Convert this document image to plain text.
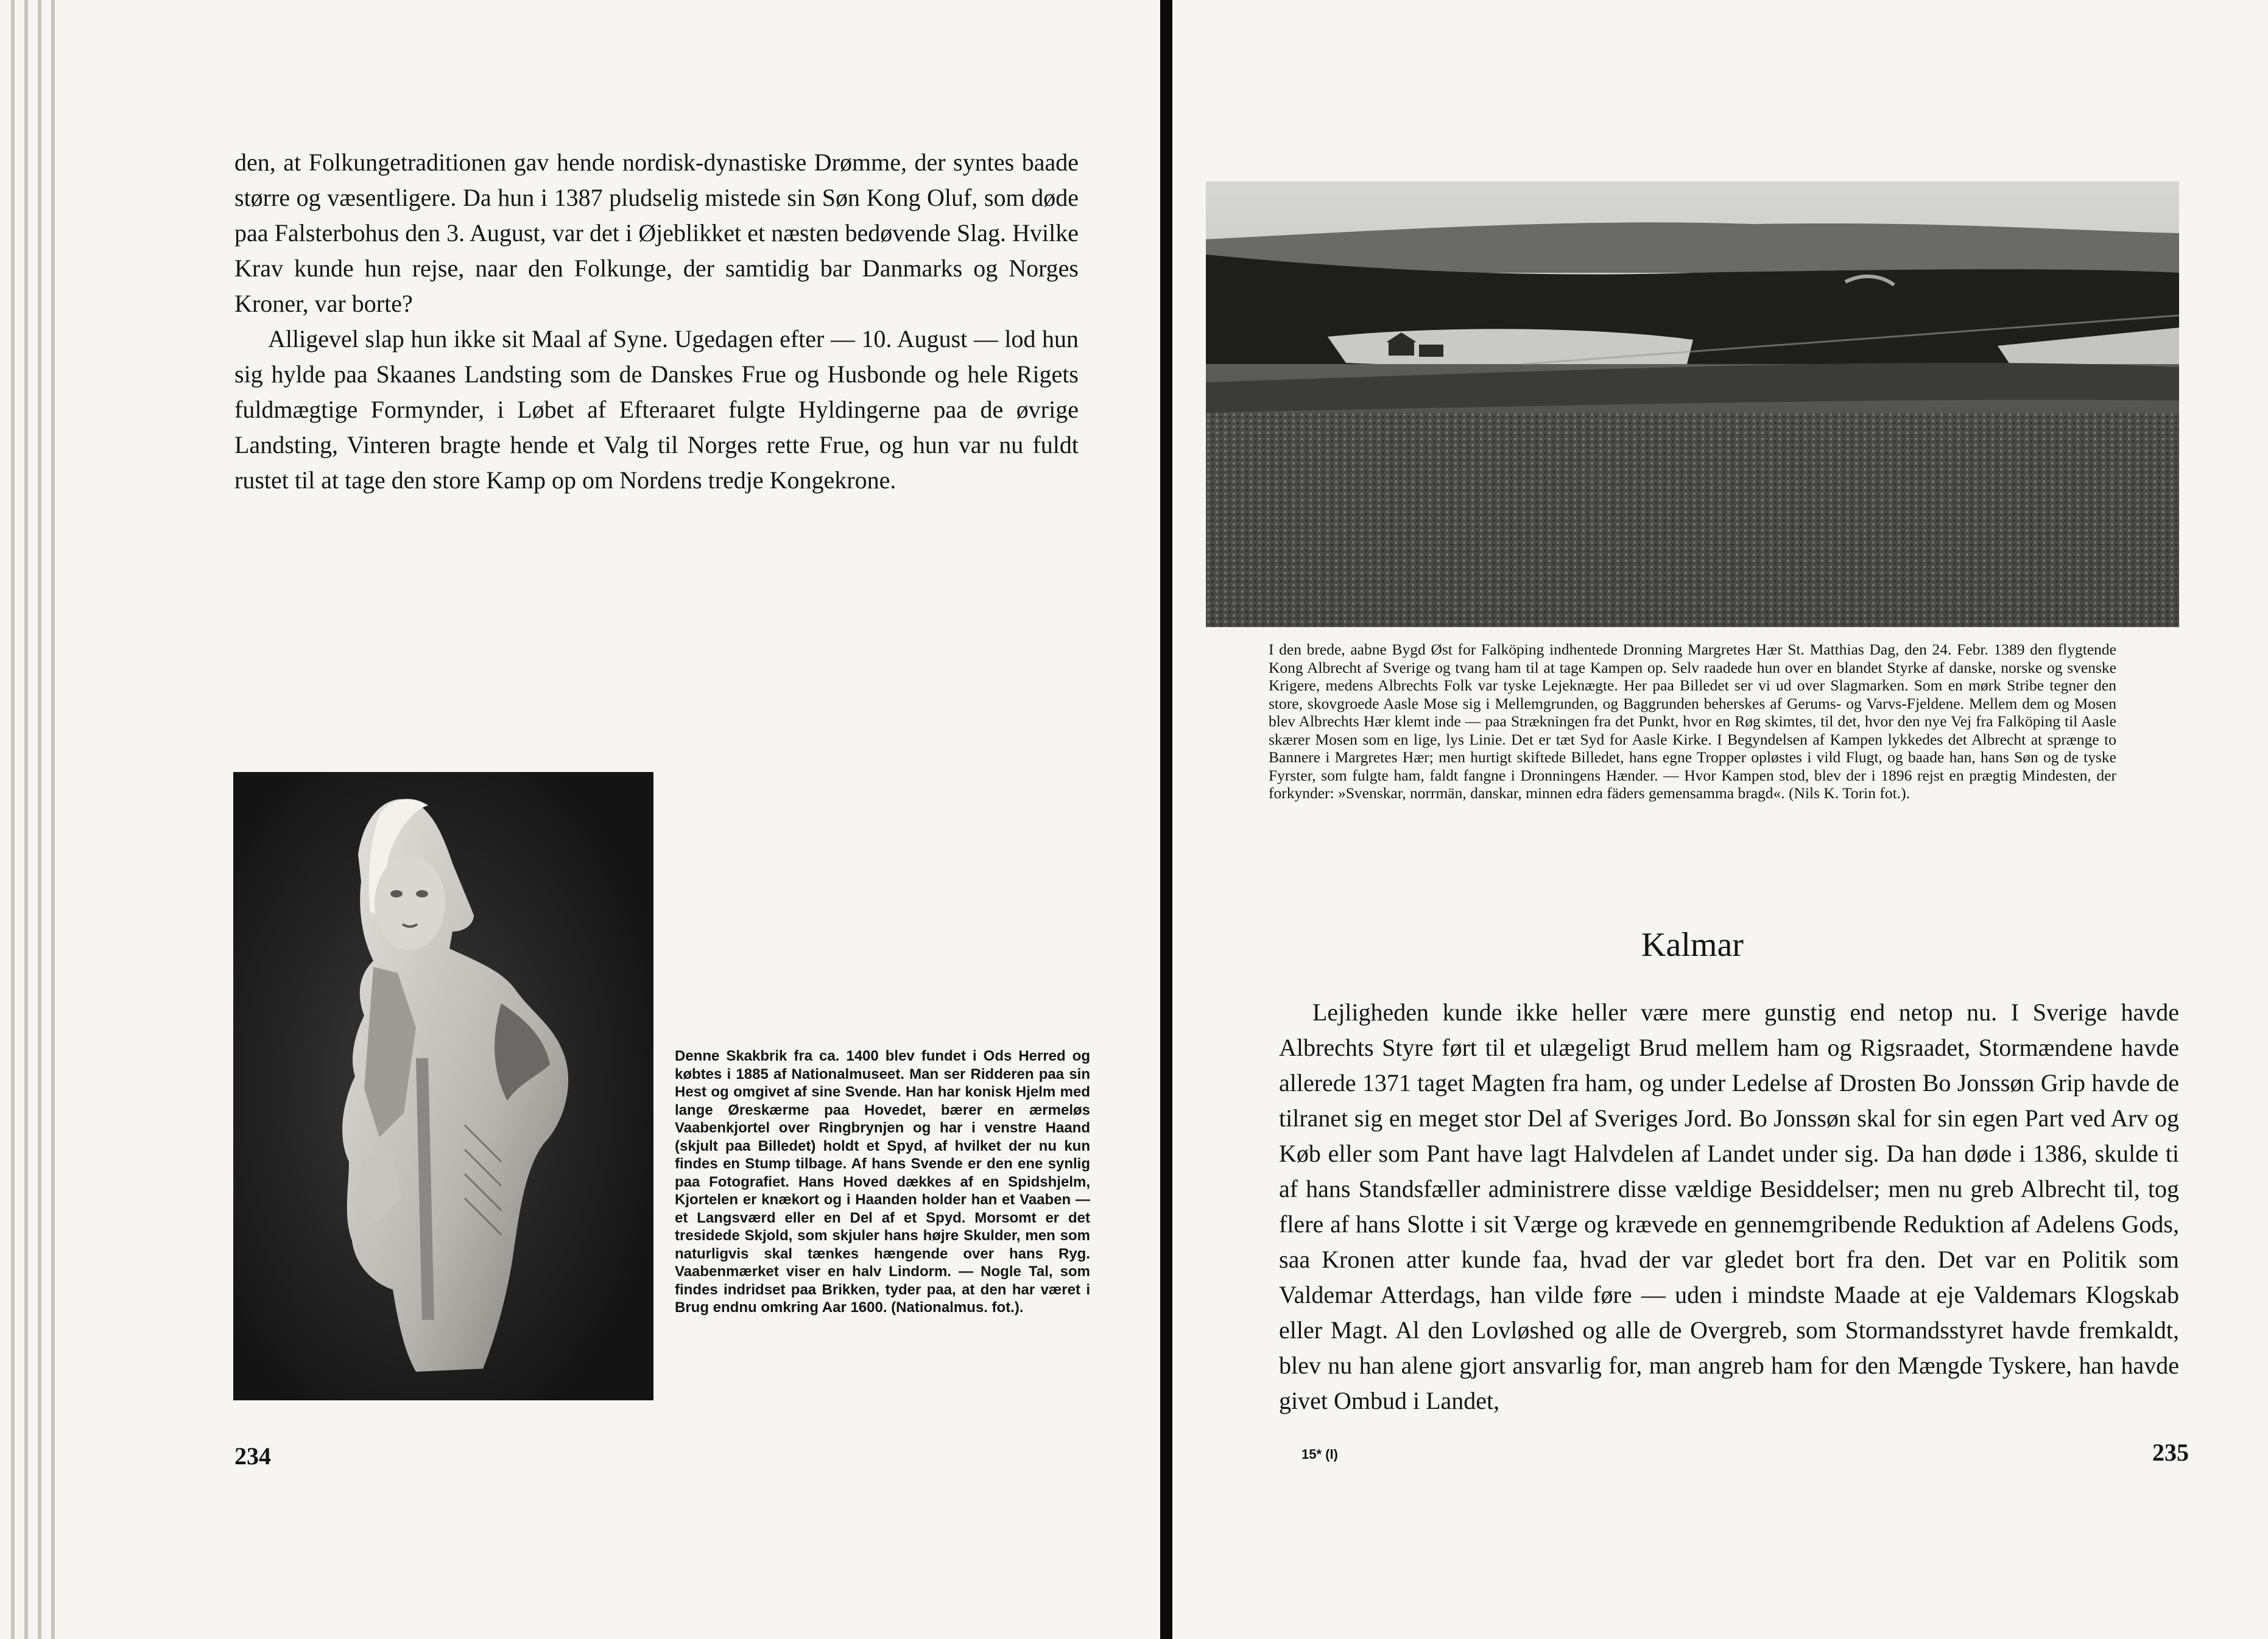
den, at Folkungetraditionen gav hende nordisk-dynastiske Drømme, der syntes baade større og væsentligere. Da hun i 1387 pludselig mistede sin Søn Kong Oluf, som døde paa Falsterbohus den 3. August, var det i Øjeblikket et næsten bedøvende Slag. Hvilke Krav kunde hun rejse, naar den Folkunge, der samtidig bar Danmarks og Norges Kroner, var borte?

Alligevel slap hun ikke sit Maal af Syne. Ugedagen efter — 10. August — lod hun sig hylde paa Skaanes Landsting som de Danskes Frue og Husbonde og hele Rigets fuldmægtige Formynder, i Løbet af Efteraaret fulgte Hyldingerne paa de øvrige Landsting, Vinteren bragte hende et Valg til Norges rette Frue, og hun var nu fuldt rustet til at tage den store Kamp op om Nordens tredje Kongekrone.

Denne Skakbrik fra ca. 1400 blev fundet i Ods Herred og købtes i 1885 af Nationalmuseet. Man ser Ridderen paa sin Hest og omgivet af sine Svende. Han har konisk Hjelm med lange Øreskærme paa Hovedet, bærer en ærmeløs Vaabenkjortel over Ringbrynjen og har i venstre Haand (skjult paa Billedet) holdt et Spyd, af hvilket der nu kun findes en Stump tilbage. Af hans Svende er den ene synlig paa Fotografiet. Hans Hoved dækkes af en Spidshjelm, Kjortelen er knækort og i Haanden holder han et Vaaben — et Langsværd eller en Del af et Spyd. Morsomt er det tresidede Skjold, som skjuler hans højre Skulder, men som naturligvis skal tænkes hængende over hans Ryg. Vaabenmærket viser en halv Lindorm. — Nogle Tal, som findes indridset paa Brikken, tyder paa, at den har været i Brug endnu omkring Aar 1600. (Nationalmus. fot.).
234
I den brede, aabne Bygd Øst for Falköping indhentede Dronning Margretes Hær St. Matthias Dag, den 24. Febr. 1389 den flygtende Kong Albrecht af Sverige og tvang ham til at tage Kampen op. Selv raadede hun over en blandet Styrke af danske, norske og svenske Krigere, medens Albrechts Folk var tyske Lejeknægte. Her paa Billedet ser vi ud over Slagmarken. Som en mørk Stribe tegner den store, skovgroede Aasle Mose sig i Mellemgrunden, og Baggrunden beherskes af Gerums- og Varvs-Fjeldene. Mellem dem og Mosen blev Albrechts Hær klemt inde — paa Strækningen fra det Punkt, hvor en Røg skimtes, til det, hvor den nye Vej fra Falköping til Aasle skærer Mosen som en lige, lys Linie. Det er tæt Syd for Aasle Kirke. I Begyndelsen af Kampen lykkedes det Albrecht at sprænge to Bannere i Margretes Hær; men hurtigt skiftede Billedet, hans egne Tropper opløstes i vild Flugt, og baade han, hans Søn og de tyske Fyrster, som fulgte ham, faldt fangne i Dronningens Hænder. — Hvor Kampen stod, blev der i 1896 rejst en prægtig Mindesten, der forkynder: »Svenskar, norrmän, danskar, minnen edra fäders gemensamma bragd«. (Nils K. Torin fot.).
Kalmar

Lejligheden kunde ikke heller være mere gunstig end netop nu. I Sverige havde Albrechts Styre ført til et ulægeligt Brud mellem ham og Rigsraadet, Stormændene havde allerede 1371 taget Magten fra ham, og under Ledelse af Drosten Bo Jonssøn Grip havde de tilranet sig en meget stor Del af Sveriges Jord. Bo Jonssøn skal for sin egen Part ved Arv og Køb eller som Pant have lagt Halvdelen af Landet under sig. Da han døde i 1386, skulde ti af hans Standsfæller administrere disse vældige Besiddelser; men nu greb Albrecht til, tog flere af hans Slotte i sit Værge og krævede en gennemgribende Reduktion af Adelens Gods, saa Kronen atter kunde faa, hvad der var gledet bort fra den. Det var en Politik som Valdemar Atterdags, han vilde føre — uden i mindste Maade at eje Valdemars Klogskab eller Magt. Al den Lovløshed og alle de Overgreb, som Stormandsstyret havde fremkaldt, blev nu han alene gjort ansvarlig for, man angreb ham for den Mængde Tyskere, han havde givet Ombud i Landet,

15* (I)	235
